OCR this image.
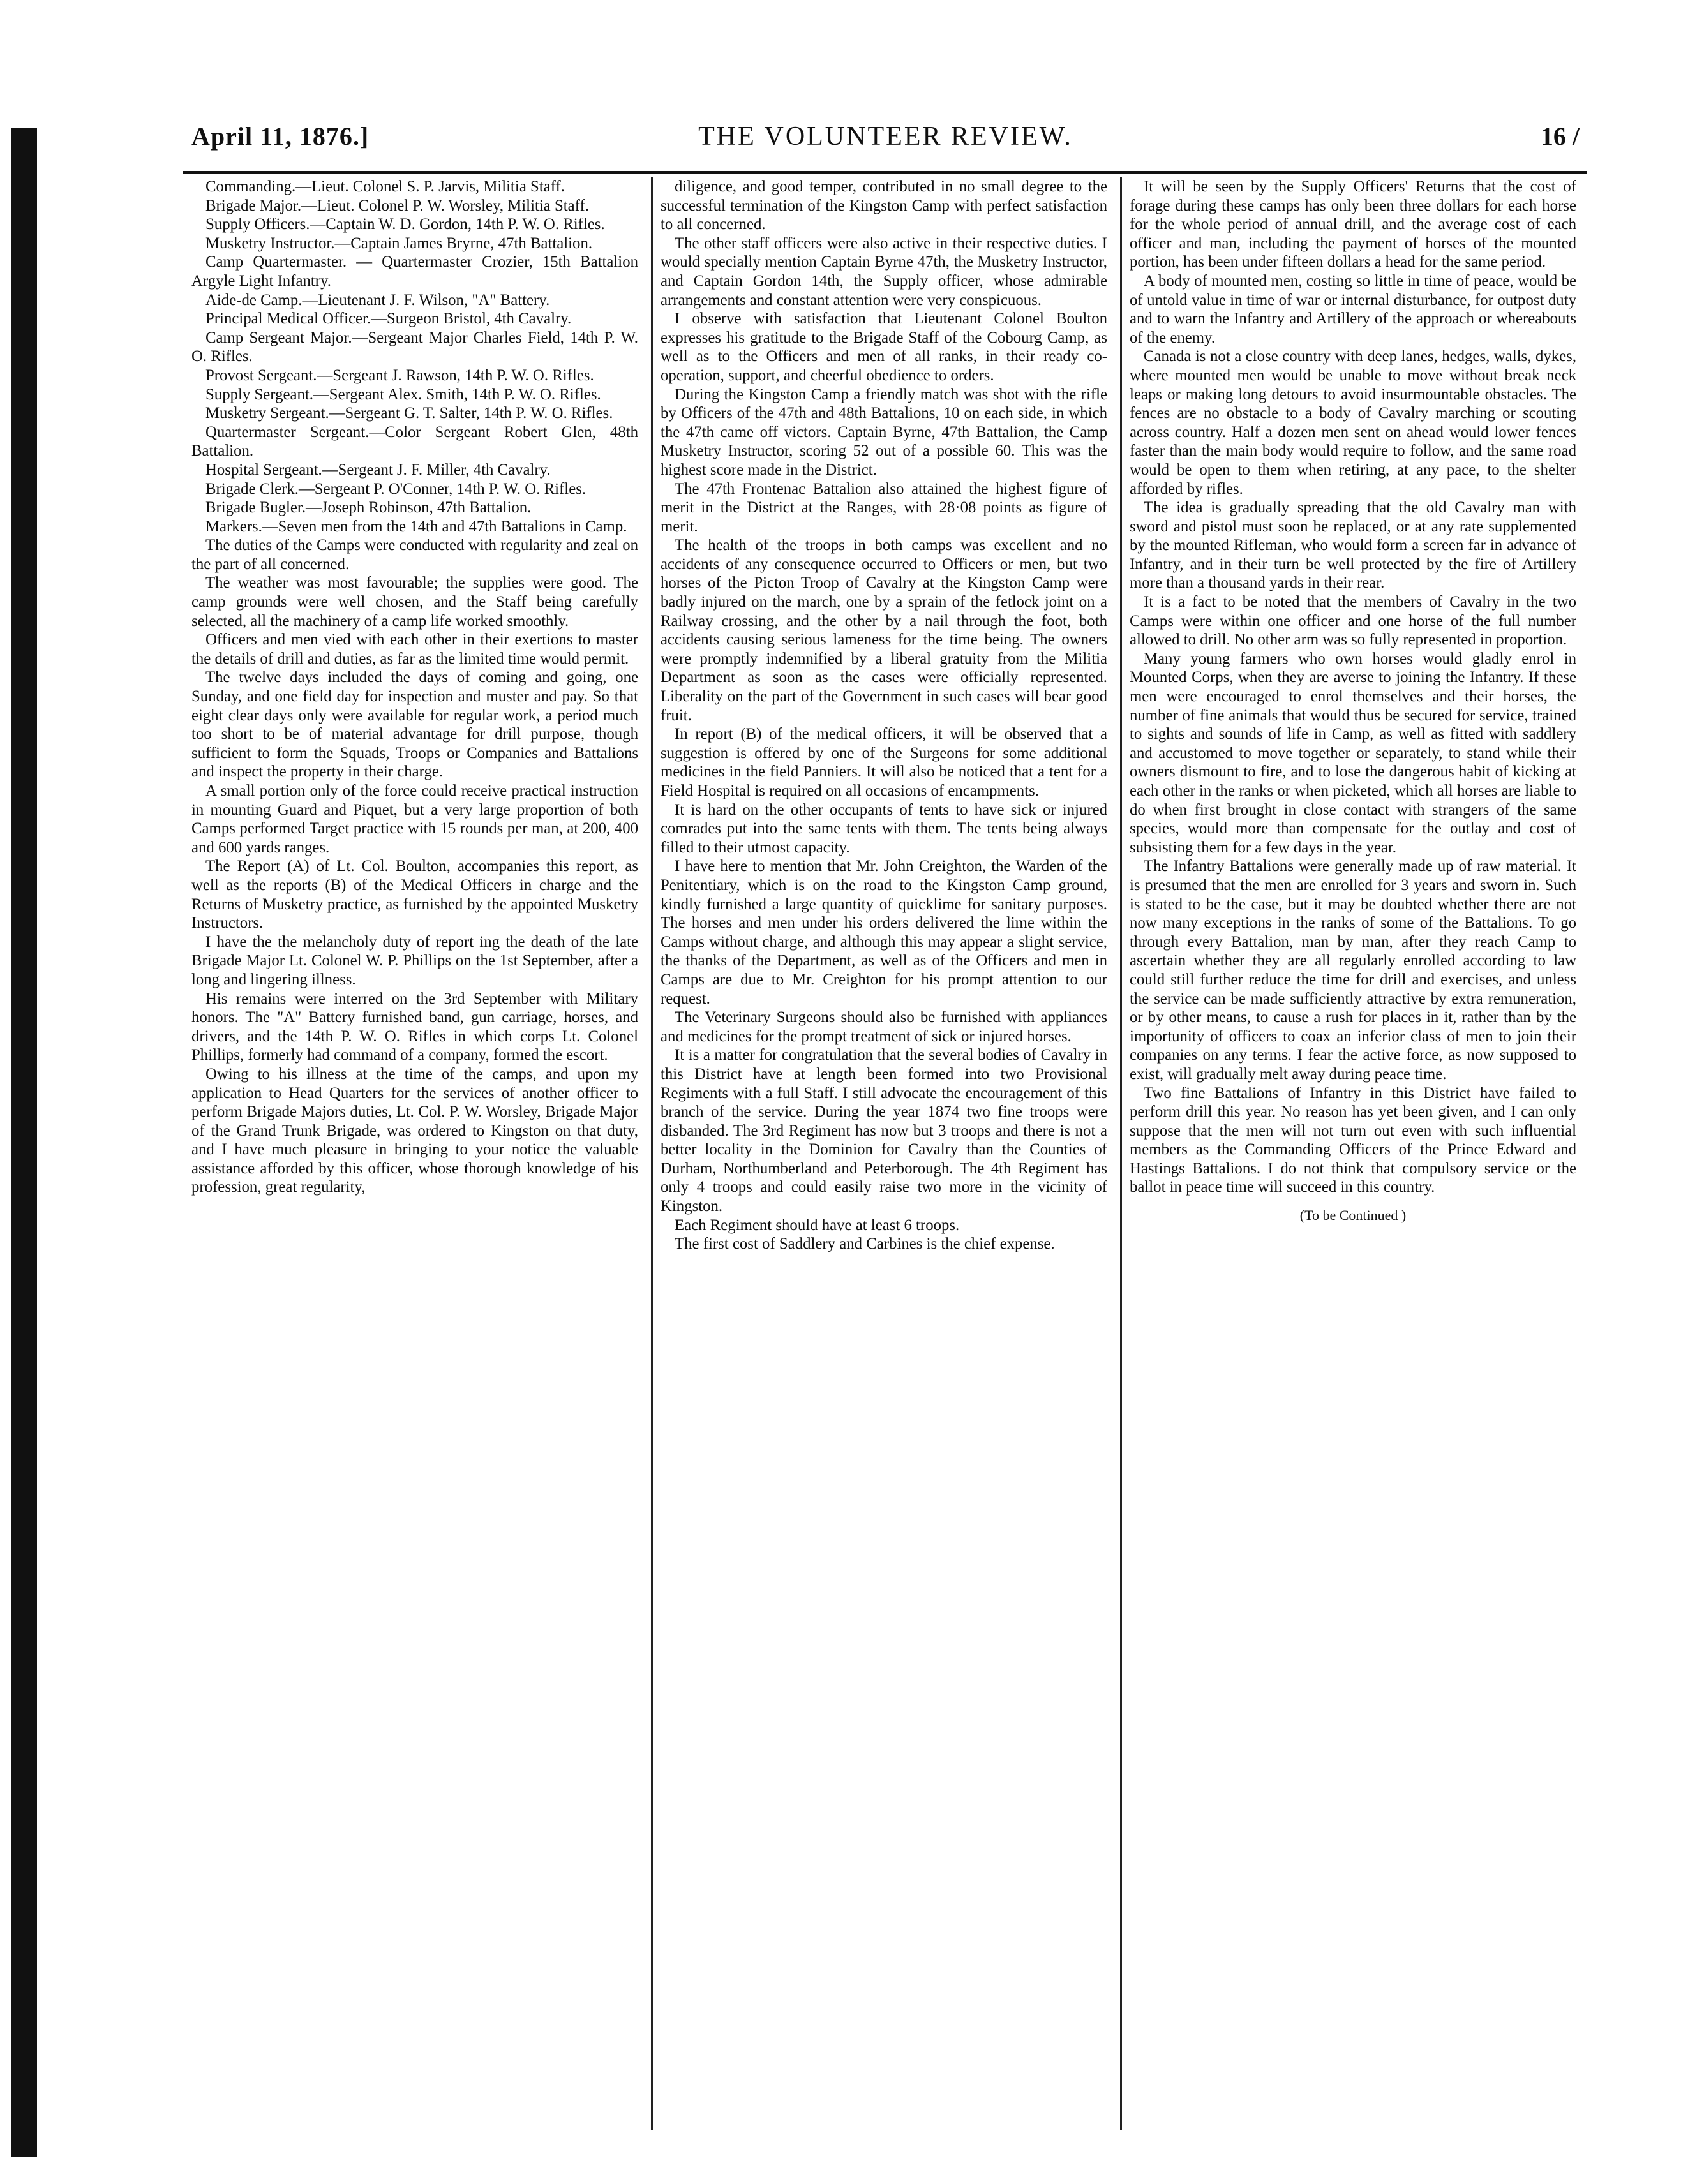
April 11, 1876.]	THE VOLUNTEER REVIEW.	16 /

Commanding.—Lieut. Colonel S. P. Jarvis, Militia Staff.

Brigade Major.—Lieut. Colonel P. W. Worsley, Militia Staff.

Supply Officers.—Captain W. D. Gordon, 14th P. W. O. Rifles.

Musketry Instructor.—Captain James Bryrne, 47th Battalion.

Camp Quartermaster. — Quartermaster Crozier, 15th Battalion Argyle Light Infantry.

Aide-de Camp.—Lieutenant J. F. Wilson, "A" Battery.

Principal Medical Officer.—Surgeon Bristol, 4th Cavalry.

Camp Sergeant Major.—Sergeant Major Charles Field, 14th P. W. O. Rifles.

Provost Sergeant.—Sergeant J. Rawson, 14th P. W. O. Rifles.

Supply Sergeant.—Sergeant Alex. Smith, 14th P. W. O. Rifles.

Musketry Sergeant.—Sergeant G. T. Salter, 14th P. W. O. Rifles.

Quartermaster Sergeant.—Color Sergeant Robert Glen, 48th Battalion.

Hospital Sergeant.—Sergeant J. F. Miller, 4th Cavalry.

Brigade Clerk.—Sergeant P. O'Conner, 14th P. W. O. Rifles.

Brigade Bugler.—Joseph Robinson, 47th Battalion.

Markers.—Seven men from the 14th and 47th Battalions in Camp.

The duties of the Camps were conducted with regularity and zeal on the part of all concerned.

The weather was most favourable; the supplies were good. The camp grounds were well chosen, and the Staff being carefully selected, all the machinery of a camp life worked smoothly.

Officers and men vied with each other in their exertions to master the details of drill and duties, as far as the limited time would permit.

The twelve days included the days of coming and going, one Sunday, and one field day for inspection and muster and pay. So that eight clear days only were available for regular work, a period much too short to be of material advantage for drill purpose, though sufficient to form the Squads, Troops or Companies and Battalions and inspect the property in their charge.

A small portion only of the force could receive practical instruction in mounting Guard and Piquet, but a very large proportion of both Camps performed Target practice with 15 rounds per man, at 200, 400 and 600 yards ranges.

The Report (A) of Lt. Col. Boulton, accompanies this report, as well as the reports (B) of the Medical Officers in charge and the Returns of Musketry practice, as furnished by the appointed Musketry Instructors.

I have the the melancholy duty of report ing the death of the late Brigade Major Lt. Colonel W. P. Phillips on the 1st September, after a long and lingering illness.

His remains were interred on the 3rd September with Military honors. The "A" Battery furnished band, gun carriage, horses, and drivers, and the 14th P. W. O. Rifles in which corps Lt. Colonel Phillips, formerly had command of a company, formed the escort.

Owing to his illness at the time of the camps, and upon my application to Head Quarters for the services of another officer to perform Brigade Majors duties, Lt. Col. P. W. Worsley, Brigade Major of the Grand Trunk Brigade, was ordered to Kingston on that duty, and I have much pleasure in bringing to your notice the valuable assistance afforded by this officer, whose thorough knowledge of his profession, great regularity,

diligence, and good temper, contributed in no small degree to the successful termination of the Kingston Camp with perfect satisfaction to all concerned.

The other staff officers were also active in their respective duties. I would specially mention Captain Byrne 47th, the Musketry Instructor, and Captain Gordon 14th, the Supply officer, whose admirable arrangements and constant attention were very conspicuous.

I observe with satisfaction that Lieutenant Colonel Boulton expresses his gratitude to the Brigade Staff of the Cobourg Camp, as well as to the Officers and men of all ranks, in their ready co-operation, support, and cheerful obedience to orders.

During the Kingston Camp a friendly match was shot with the rifle by Officers of the 47th and 48th Battalions, 10 on each side, in which the 47th came off victors. Captain Byrne, 47th Battalion, the Camp Musketry Instructor, scoring 52 out of a possible 60. This was the highest score made in the District.

The 47th Frontenac Battalion also attained the highest figure of merit in the District at the Ranges, with 28·08 points as figure of merit.

The health of the troops in both camps was excellent and no accidents of any consequence occurred to Officers or men, but two horses of the Picton Troop of Cavalry at the Kingston Camp were badly injured on the march, one by a sprain of the fetlock joint on a Railway crossing, and the other by a nail through the foot, both accidents causing serious lameness for the time being. The owners were promptly indemnified by a liberal gratuity from the Militia Department as soon as the cases were officially represented. Liberality on the part of the Government in such cases will bear good fruit.

In report (B) of the medical officers, it will be observed that a suggestion is offered by one of the Surgeons for some additional medicines in the field Panniers. It will also be noticed that a tent for a Field Hospital is required on all occasions of encampments.

It is hard on the other occupants of tents to have sick or injured comrades put into the same tents with them. The tents being always filled to their utmost capacity.

I have here to mention that Mr. John Creighton, the Warden of the Penitentiary, which is on the road to the Kingston Camp ground, kindly furnished a large quantity of quicklime for sanitary purposes. The horses and men under his orders delivered the lime within the Camps without charge, and although this may appear a slight service, the thanks of the Department, as well as of the Officers and men in Camps are due to Mr. Creighton for his prompt attention to our request.

The Veterinary Surgeons should also be furnished with appliances and medicines for the prompt treatment of sick or injured horses.

It is a matter for congratulation that the several bodies of Cavalry in this District have at length been formed into two Provisional Regiments with a full Staff. I still advocate the encouragement of this branch of the service. During the year 1874 two fine troops were disbanded. The 3rd Regiment has now but 3 troops and there is not a better locality in the Dominion for Cavalry than the Counties of Durham, Northumberland and Peterborough. The 4th Regiment has only 4 troops and could easily raise two more in the vicinity of Kingston.

Each Regiment should have at least 6 troops.

The first cost of Saddlery and Carbines is the chief expense.

It will be seen by the Supply Officers' Returns that the cost of forage during these camps has only been three dollars for each horse for the whole period of annual drill, and the average cost of each officer and man, including the payment of horses of the mounted portion, has been under fifteen dollars a head for the same period.

A body of mounted men, costing so little in time of peace, would be of untold value in time of war or internal disturbance, for outpost duty and to warn the Infantry and Artillery of the approach or whereabouts of the enemy.

Canada is not a close country with deep lanes, hedges, walls, dykes, where mounted men would be unable to move without break neck leaps or making long detours to avoid insurmountable obstacles. The fences are no obstacle to a body of Cavalry marching or scouting across country. Half a dozen men sent on ahead would lower fences faster than the main body would require to follow, and the same road would be open to them when retiring, at any pace, to the shelter afforded by rifles.

The idea is gradually spreading that the old Cavalry man with sword and pistol must soon be replaced, or at any rate supplemented by the mounted Rifleman, who would form a screen far in advance of Infantry, and in their turn be well protected by the fire of Artillery more than a thousand yards in their rear.

It is a fact to be noted that the members of Cavalry in the two Camps were within one officer and one horse of the full number allowed to drill. No other arm was so fully represented in proportion.

Many young farmers who own horses would gladly enrol in Mounted Corps, when they are averse to joining the Infantry. If these men were encouraged to enrol themselves and their horses, the number of fine animals that would thus be secured for service, trained to sights and sounds of life in Camp, as well as fitted with saddlery and accustomed to move together or separately, to stand while their owners dismount to fire, and to lose the dangerous habit of kicking at each other in the ranks or when picketed, which all horses are liable to do when first brought in close contact with strangers of the same species, would more than compensate for the outlay and cost of subsisting them for a few days in the year.

The Infantry Battalions were generally made up of raw material. It is presumed that the men are enrolled for 3 years and sworn in. Such is stated to be the case, but it may be doubted whether there are not now many exceptions in the ranks of some of the Battalions. To go through every Battalion, man by man, after they reach Camp to ascertain whether they are all regularly enrolled according to law could still further reduce the time for drill and exercises, and unless the service can be made sufficiently attractive by extra remuneration, or by other means, to cause a rush for places in it, rather than by the importunity of officers to coax an inferior class of men to join their companies on any terms. I fear the active force, as now supposed to exist, will gradually melt away during peace time.

Two fine Battalions of Infantry in this District have failed to perform drill this year. No reason has yet been given, and I can only suppose that the men will not turn out even with such influential members as the Commanding Officers of the Prince Edward and Hastings Battalions. I do not think that compulsory service or the ballot in peace time will succeed in this country.

(To be Continued )
